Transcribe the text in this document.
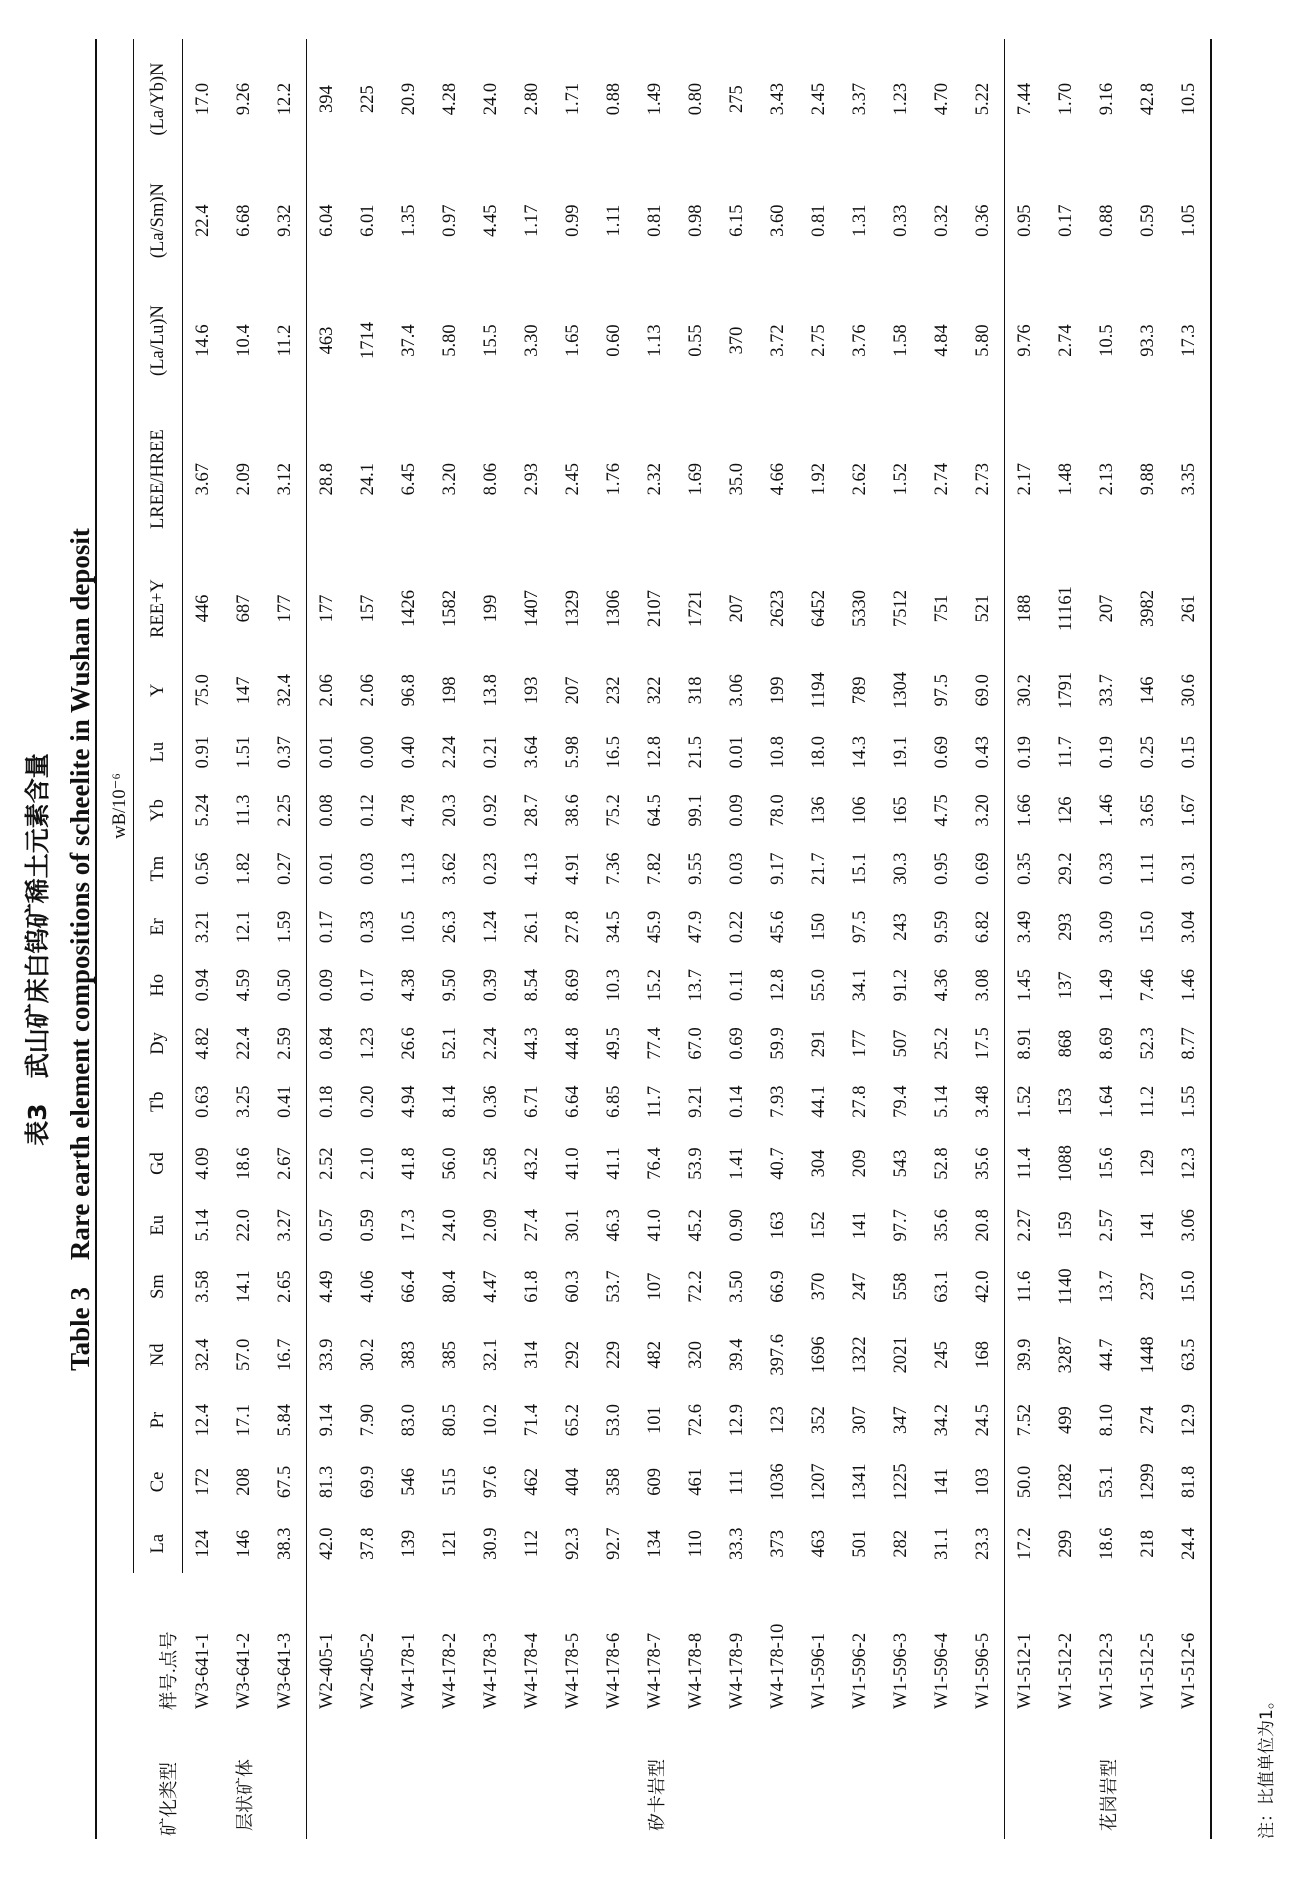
表3　武山矿床白钨矿稀土元素含量 Table 3　Rare earth element compositions of scheelite in Wushan deposit
矿化类型	样号.点号	wB/10⁻⁶																			
		La	Ce	Pr	Nd	Sm	Eu	Gd	Tb	Dy	Ho	Er	Tm	Yb	Lu	Y	REE+Y	LREE/HREE	(La/Lu)N	(La/Sm)N	(La/Yb)N
层状矿体	W3-641-1	124	172	12.4	32.4	3.58	5.14	4.09	0.63	4.82	0.94	3.21	0.56	5.24	0.91	75.0	446	3.67	14.6	22.4	17.0
	W3-641-2	146	208	17.1	57.0	14.1	22.0	18.6	3.25	22.4	4.59	12.1	1.82	11.3	1.51	147	687	2.09	10.4	6.68	9.26
	W3-641-3	38.3	67.5	5.84	16.7	2.65	3.27	2.67	0.41	2.59	0.50	1.59	0.27	2.25	0.37	32.4	177	3.12	11.2	9.32	12.2
矽卡岩型	W2-405-1	42.0	81.3	9.14	33.9	4.49	0.57	2.52	0.18	0.84	0.09	0.17	0.01	0.08	0.01	2.06	177	28.8	463	6.04	394
	W2-405-2	37.8	69.9	7.90	30.2	4.06	0.59	2.10	0.20	1.23	0.17	0.33	0.03	0.12	0.00	2.06	157	24.1	1714	6.01	225
	W4-178-1	139	546	83.0	383	66.4	17.3	41.8	4.94	26.6	4.38	10.5	1.13	4.78	0.40	96.8	1426	6.45	37.4	1.35	20.9
	W4-178-2	121	515	80.5	385	80.4	24.0	56.0	8.14	52.1	9.50	26.3	3.62	20.3	2.24	198	1582	3.20	5.80	0.97	4.28
	W4-178-3	30.9	97.6	10.2	32.1	4.47	2.09	2.58	0.36	2.24	0.39	1.24	0.23	0.92	0.21	13.8	199	8.06	15.5	4.45	24.0
	W4-178-4	112	462	71.4	314	61.8	27.4	43.2	6.71	44.3	8.54	26.1	4.13	28.7	3.64	193	1407	2.93	3.30	1.17	2.80
	W4-178-5	92.3	404	65.2	292	60.3	30.1	41.0	6.64	44.8	8.69	27.8	4.91	38.6	5.98	207	1329	2.45	1.65	0.99	1.71
	W4-178-6	92.7	358	53.0	229	53.7	46.3	41.1	6.85	49.5	10.3	34.5	7.36	75.2	16.5	232	1306	1.76	0.60	1.11	0.88
	W4-178-7	134	609	101	482	107	41.0	76.4	11.7	77.4	15.2	45.9	7.82	64.5	12.8	322	2107	2.32	1.13	0.81	1.49
	W4-178-8	110	461	72.6	320	72.2	45.2	53.9	9.21	67.0	13.7	47.9	9.55	99.1	21.5	318	1721	1.69	0.55	0.98	0.80
	W4-178-9	33.3	111	12.9	39.4	3.50	0.90	1.41	0.14	0.69	0.11	0.22	0.03	0.09	0.01	3.06	207	35.0	370	6.15	275
	W4-178-10	373	1036	123	397.6	66.9	163	40.7	7.93	59.9	12.8	45.6	9.17	78.0	10.8	199	2623	4.66	3.72	3.60	3.43
	W1-596-1	463	1207	352	1696	370	152	304	44.1	291	55.0	150	21.7	136	18.0	1194	6452	1.92	2.75	0.81	2.45
	W1-596-2	501	1341	307	1322	247	141	209	27.8	177	34.1	97.5	15.1	106	14.3	789	5330	2.62	3.76	1.31	3.37
	W1-596-3	282	1225	347	2021	558	97.7	543	79.4	507	91.2	243	30.3	165	19.1	1304	7512	1.52	1.58	0.33	1.23
	W1-596-4	31.1	141	34.2	245	63.1	35.6	52.8	5.14	25.2	4.36	9.59	0.95	4.75	0.69	97.5	751	2.74	4.84	0.32	4.70
	W1-596-5	23.3	103	24.5	168	42.0	20.8	35.6	3.48	17.5	3.08	6.82	0.69	3.20	0.43	69.0	521	2.73	5.80	0.36	5.22
花岗岩型	W1-512-1	17.2	50.0	7.52	39.9	11.6	2.27	11.4	1.52	8.91	1.45	3.49	0.35	1.66	0.19	30.2	188	2.17	9.76	0.95	7.44
	W1-512-2	299	1282	499	3287	1140	159	1088	153	868	137	293	29.2	126	11.7	1791	11161	1.48	2.74	0.17	1.70
	W1-512-3	18.6	53.1	8.10	44.7	13.7	2.57	15.6	1.64	8.69	1.49	3.09	0.33	1.46	0.19	33.7	207	2.13	10.5	0.88	9.16
	W1-512-5	218	1299	274	1448	237	141	129	11.2	52.3	7.46	15.0	1.11	3.65	0.25	146	3982	9.88	93.3	0.59	42.8
	W1-512-6	24.4	81.8	12.9	63.5	15.0	3.06	12.3	1.55	8.77	1.46	3.04	0.31	1.67	0.15	30.6	261	3.35	17.3	1.05	10.5
注：比值单位为1。
